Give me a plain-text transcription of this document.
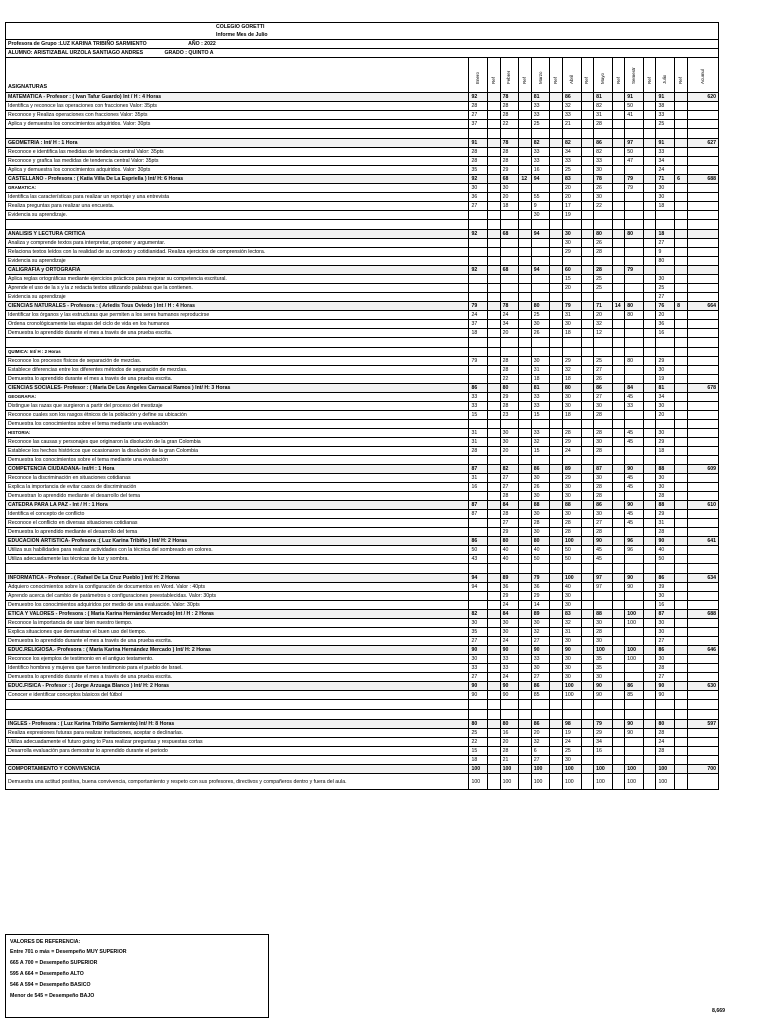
COLEGIO GORETTI															
Informe Mes de Julio															
Profesora de Grupo :LUZ KARINA TRIBIÑO SARMIENTO AÑO : 2022															
ALUMNO: ARISTIZABAL URZOLA SANTIAGO ANDRES GRADO : QUINTO A															
ASIGNATURAS	Enero	Ref	Febrer	Ref	Marzo	Ref	Abril	Ref	Mayo	Ref	Semestr	Ref	Julio	Ref	Acumul

MATEMATICA - Profesor : ( Ivan Tafur Guardo) Int / H : 4 Horas	92		78		81		86		81		91		91		620
Identifica y reconoce las operaciones con fracciones Valor: 35pts	28		28		33		32		82		50		38		
Reconoce y Realiza operaciones con fracciones Valor: 35pts	27		28		33		33		31		41		33		
Aplica y demuestra los conocimientos adquiridos. Valor: 30pts	37		22		25		21		28				25		

GEOMETRIA : Int/ H : 1 Hora	91		78		82		82		86		97		91		627
Reconoce e identifica las medidas de tendencia central Valor: 35pts	28		28		33		34		82		50		33		
Reconoce y grafica las medidas de tendencia central Valor: 35pts	28		28		33		33		33		47		34		
Aplica y demuestra los conocimientos adquiridos. Valor: 30pts	35		29		16		25		30				24		
CASTELLANO - Profesora : ( Katia Villa De La Espriella ) Int/ H: 6 Horas	92		68	12	94		83		78		79		71	6	688
GRAMATICA:	30		30				20		26		79		30		
Identifica las características para realizar un reportaje y una entrevista	36		20		55		20		30				30		
Realiza preguntas para realizar una encuesta.	27		18		9		17		22				18		
Evidencia su aprendizaje.					30		19								

ANALISIS Y LECTURA CRITICA	92		68		94		30		80		80		18		
Analiza y comprende textos para interpretar, proponer y argumentar.							30		26				27		
Relaciona textos leídos con la realidad de su contexto y cotidianidad. Realiza ejercicios de comprensión lectora.							29		28				9		
Evidencia su aprendizaje													80		
CALIGRAFIA y ORTOGRAFIA	92		68		94		60		28		79				
Aplica reglas ortográficas mediante ejercicios prácticos para mejorar su competencia escritural.							15		25				30		
Aprende el uso de la s y la z redacta textos utilizando palabras que la contienen.							20		25				25		
Evidencia su aprendizaje													27		
CIENCIAS NATURALES - Profesora : ( Arledis Tous Oviedo ) Int / H : 4 Horas	79		78		80		79		71	14	80		76	8	664
Identificar los órganos y las estructuras que permiten a los seres humanos reproducirse	24		24		25		31		20		80		20		
Ordena cronológicamente las etapas del ciclo de vida en los humanos	37		34		30		30		32				36		
Demuestra lo aprendido durante el mes a través de una prueba escrita.	18		20		26		18		12				16		

QUIMICA: Int/ H : 2 Horas															
Reconoce los procesos físicos de separación de mezclas.	79		28		30		29		25		80		29		
Establece diferencias entre los diferentes métodos de separación de mezclas.			28		31		32		27				30		
Demuestra lo aprendido durante el mes a través de una prueba escrita.			22		18		18		26				19		
CIENCIAS SOCIALES- Profesor : ( Maria De Los Angeles Carrascal Ramos ) Int/ H: 3 Horas	86		80		81		80		86		84		81		678
GEOGRAFIA:	33		29		33		30		27		45		34		
Distingue las razas que surgieron a partir del proceso del mestizaje	33		28		33		30		30		33		30		
Reconoce cuales son los rasgos étnicos de la población y define su ubicación	15		23		15		18		28				20		
Demuestra los conocimientos sobre el tema mediante una evaluación															
HISTORIA:	31		30		33		28		28		45		30		
Reconoce las causas y personajes que originaron la disolución de la gran Colombia	31		30		32		29		30		45		29		
Establece los hechos históricos que ocasionaron la disolución de la gran Colombia	28		20		15		24		28				18		
Demuestra los conocimientos sobre el tema mediante una evaluación															
COMPETENCIA CIUDADANA- Int/H : 1 Hora	87		82		86		89		87		90		88		609
Reconoce la discriminación en situaciones cotidianas	31		27		30		29		30		45		30		
Explica la importancia de evitar casos de discriminación	16		27		26		30		28		45		30		
Demuestran lo aprendido mediante el desarrollo del tema			28		30		30		28				28		
CATEDRA PARA LA PAZ - Int / H : 1 Hora	87		84		88		88		86		90		88		610
Identifica el concepto de conflicto	87		28		30		30		30		45		29		
Reconoce el conflicto en diversas situaciones cotidianas			27		28		28		27		45		31		
Demuestra lo aprendido mediante el desarrollo del tema			29		30		28		28				28		
EDUCACION ARTISTICA- Profesora :( Luz Karina Tribiño ) Int/ H: 2 Horas	86		80		80		100		90		96		90		641
Utiliza sus habilidades para realizar actividades con la técnica del sombreado en colores.	50		40		40		50		45		96		40		
Utiliza adecuadamente las técnicas de luz y sombra.	43		40		50		50		45				50		

INFORMATICA - Profesor . ( Rafael De La Cruz Pueblo ) Int/ H: 2 Horas	94		89		79		100		97		90		86		634
Adquiero conocimientos sobre la configuración de documentos en Word. Valor : 40pts	94		36		36		40		97		90		39		
Aprendo acerca del cambio de parámetros o configuraciones preestablecidas. Valor: 30pts			29		29		30						30		
Demuestro los conocimientos adquiridos por medio de una evaluación. Valor: 30pts			24		14		30						16		
ETICA Y VALORES - Profesora : ( Maria Karina Hernández Mercado) Int / H : 2 Horas	82		84		89		83		88		100		87		688
Reconoce la importancia de usar bien nuestro tiempo.	30		30		30		32		30		100		30		
Explica situaciones que demuestran el buen uso del tiempo.	35		30		32		31		28				30		
Demuestra lo aprendido durante el mes a través de una prueba escrita.	27		24		27		30		30				27		
EDUC.RELIGIOSA.- Profesora : ( Maria Karina Hernández Mercado ) Int/ H: 2 Horas	90		90		90		90		100		100		86		646
Reconoce los ejemplos de testimonio en el antiguo testamento.	30		33		33		30		35		100		30		
Identifico hombres y mujeres que fueron testimonio para el pueblo de Israel.	33		33		30		30		35				28		
Demuestra lo aprendido durante el mes a través de una prueba escrita.	27		24		27		30		30				27		
EDUC.FISICA - Profesor : ( Jorge Arzuaga Blanco ) Int/ H: 2 Horas	90		90		86		100		90		86		90		630
Conocer e identificar conceptos básicos del fútbol	90		90		85		100		90		85		90		

INGLES - Profesora : ( Luz Karina Tribiño Sarmiento) Int/ H: 8 Horas	80		80		86		98		79		90		80		597
Realiza expresiones futuras para realizar invitaciones, aceptar o declinarlas.	25		16		20		19		29		90		28		
Utiliza adecuadamente el futuro going to Para realizar preguntas y respuestas cortas	22		20		32		24		34				24		
Desarrolla evaluación para demostrar lo aprendido durante el periodo	15		28		6		25		16				28		
	18		21		27		30								
COMPORTAMIENTO Y CONVIVENCIA	100		100		100		100		100		100		100		700
Demuestra una actitud positiva, buena convivencia, comportamiento y respeto con sus profesores, directivos y compañeros dentro y fuera del aula.	100		100		100		100		100		100		100		
VALORES DE REFERENCIA:
Entre 701 o más = Desempeño MUY SUPERIOR
665 A 700 = Desempeño SUPERIOR
595 A 664 = Desempeño ALTO
546 A 594 = Desempeño BASICO
Menor de 545 = Desempeño BAJO
8,669
